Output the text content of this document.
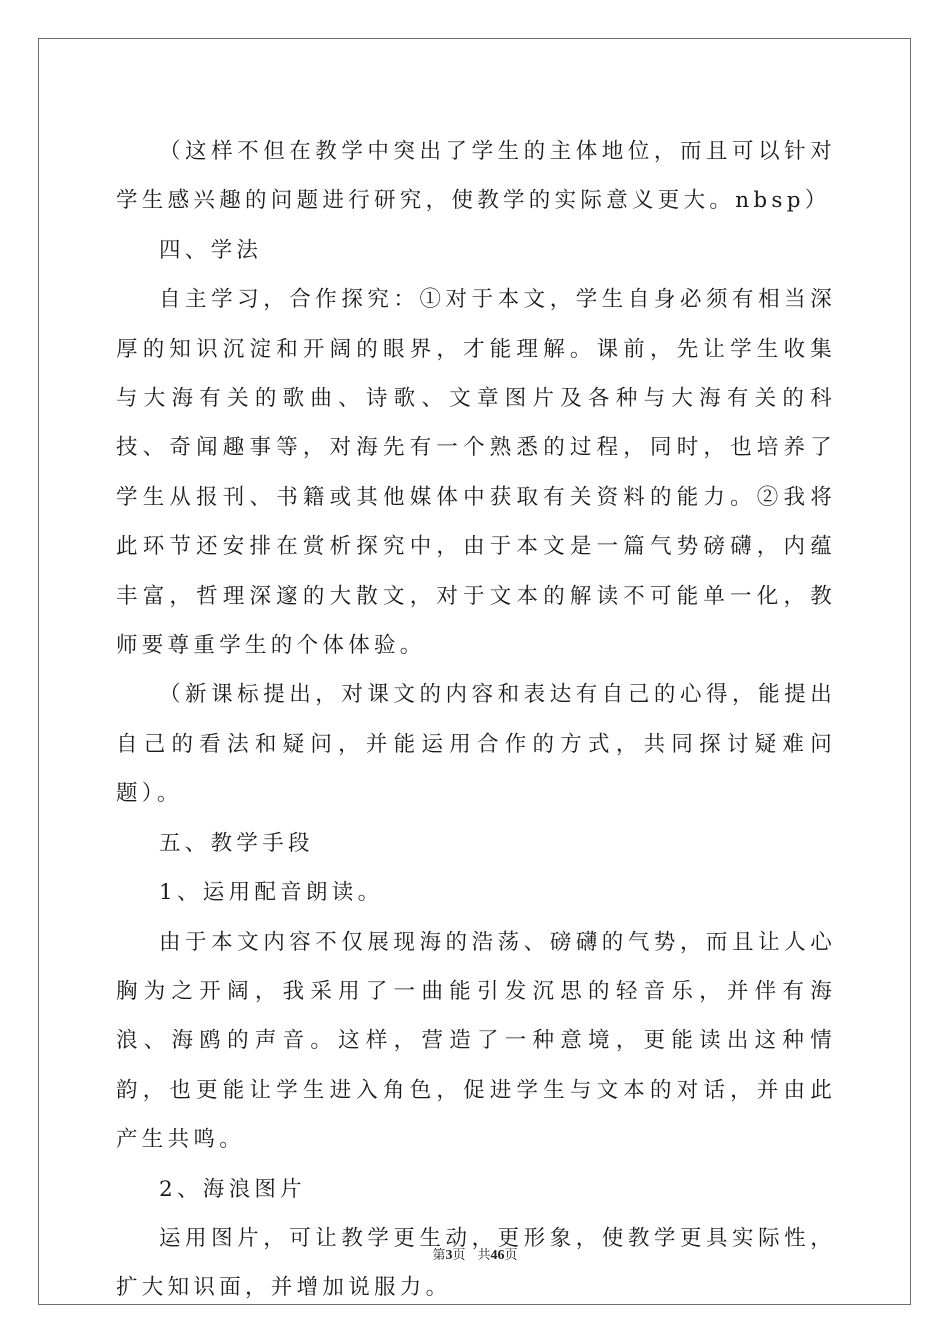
（这样不但在教学中突出了学生的主体地位，而且可以针对学生感兴趣的问题进行研究，使教学的实际意义更大。nbsp）

四、学法

自主学习，合作探究：①对于本文，学生自身必须有相当深厚的知识沉淀和开阔的眼界，才能理解。课前，先让学生收集与大海有关的歌曲、诗歌、文章图片及各种与大海有关的科技、奇闻趣事等，对海先有一个熟悉的过程，同时，也培养了学生从报刊、书籍或其他媒体中获取有关资料的能力。②我将此环节还安排在赏析探究中，由于本文是一篇气势磅礴，内蕴丰富，哲理深邃的大散文，对于文本的解读不可能单一化，教师要尊重学生的个体体验。

（新课标提出，对课文的内容和表达有自己的心得，能提出自己的看法和疑问，并能运用合作的方式，共同探讨疑难问题）。

五、教学手段

1、运用配音朗读。

由于本文内容不仅展现海的浩荡、磅礴的气势，而且让人心胸为之开阔，我采用了一曲能引发沉思的轻音乐，并伴有海浪、海鸥的声音。这样，营造了一种意境，更能读出这种情韵，也更能让学生进入角色，促进学生与文本的对话，并由此产生共鸣。

2、海浪图片

运用图片，可让教学更生动，更形象，使教学更具实际性，扩大知识面，并增加说服力。

第3页 共46页
